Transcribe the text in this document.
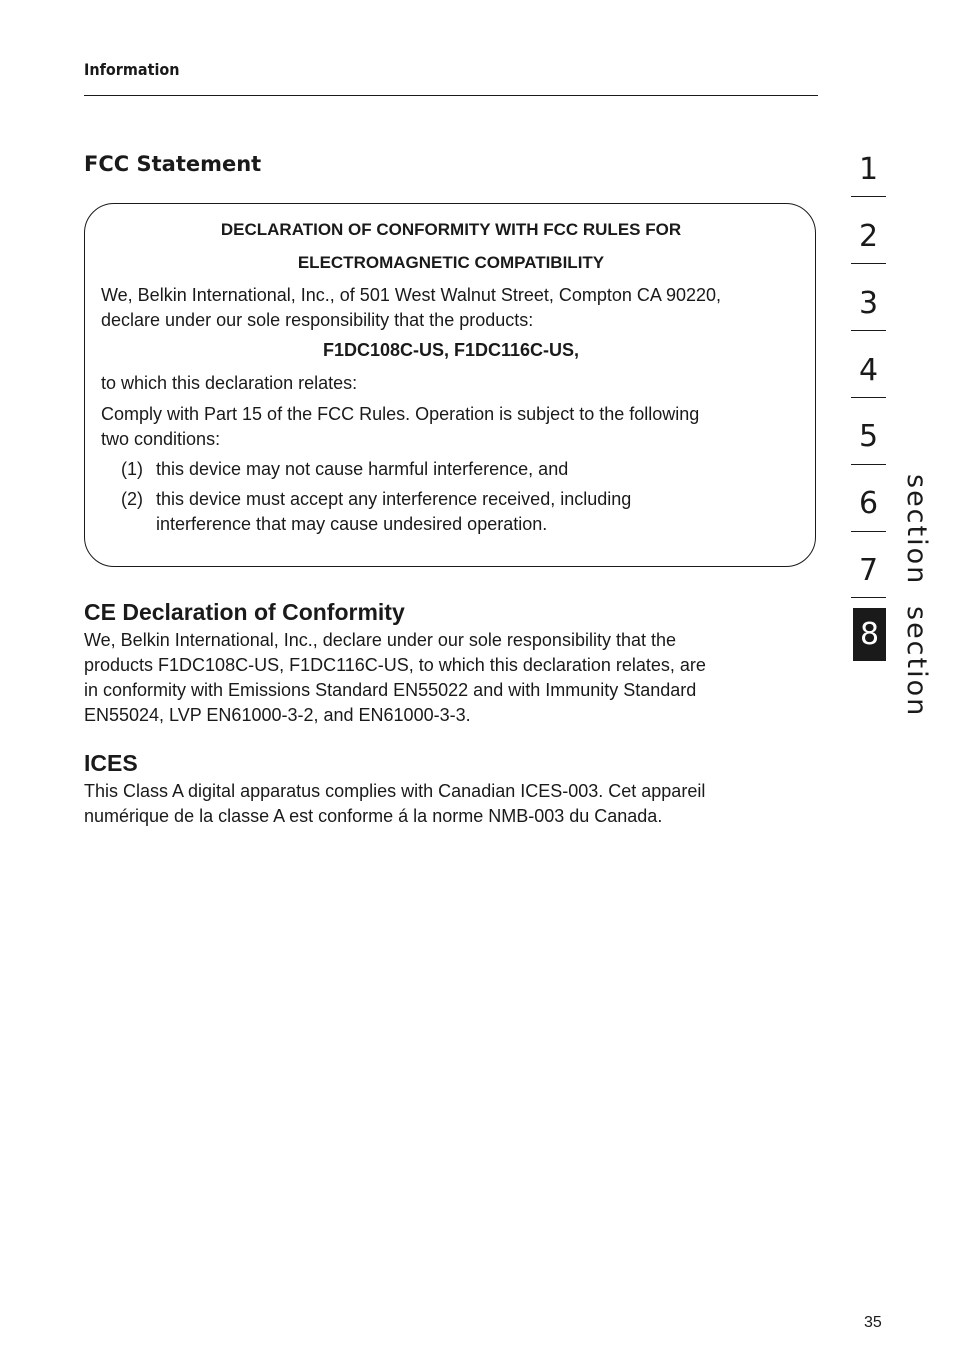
Information
FCC Statement
DECLARATION OF CONFORMITY WITH FCC RULES FOR
ELECTROMAGNETIC COMPATIBILITY
We, Belkin International, Inc., of 501 West Walnut Street, Compton CA 90220,
declare under our sole responsibility that the products:
F1DC108C-US, F1DC116C-US,
to which this declaration relates:
Comply with Part 15 of the FCC Rules. Operation is subject to the following
two conditions:
(1) this device may not cause harmful interference, and
(2) this device must accept any interference received, including
interference that may cause undesired operation.
CE Declaration of Conformity
We, Belkin International, Inc., declare under our sole responsibility that the
products F1DC108C-US, F1DC116C-US, to which this declaration relates, are
in conformity with Emissions Standard EN55022 and with Immunity Standard
EN55024, LVP EN61000-3-2, and EN61000-3-3.
ICES
This Class A digital apparatus complies with Canadian ICES-003. Cet appareil
numérique de la classe A est conforme á la norme NMB-003 du Canada.
1
2
3
4
5
6
7
8
section
section
35
